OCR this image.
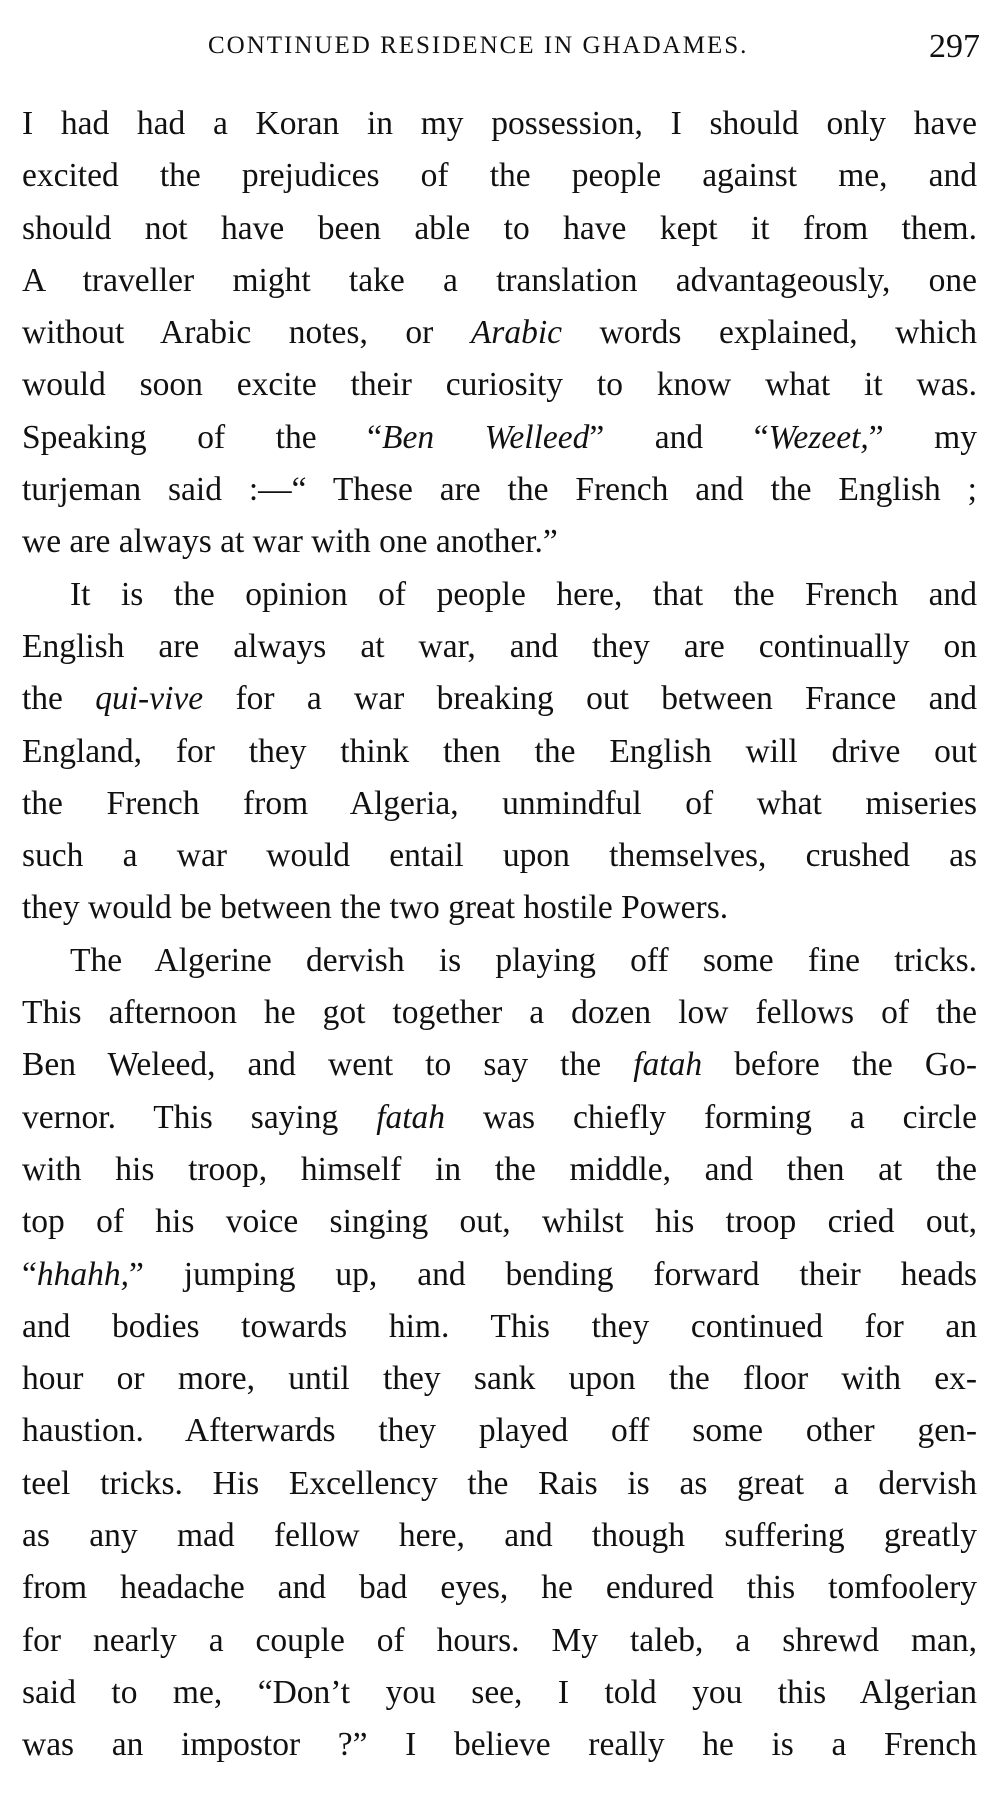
CONTINUED RESIDENCE IN GHADAMES.	297
I had had a Koran in my possession, I should only have
excited the prejudices of the people against me, and
should not have been able to have kept it from them.
A traveller might take a translation advantageously, one
without Arabic notes, or Arabic words explained, which
would soon excite their curiosity to know what it was.
Speaking of the “Ben Welleed” and “Wezeet,” my
turjeman said :—“ These are the French and the English ;
we are always at war with one another.”
It is the opinion of people here, that the French and
English are always at war, and they are continually on
the qui-vive for a war breaking out between France and
England, for they think then the English will drive out
the French from Algeria, unmindful of what miseries
such a war would entail upon themselves, crushed as
they would be between the two great hostile Powers.
The Algerine dervish is playing off some fine tricks.
This afternoon he got together a dozen low fellows of the
Ben Weleed, and went to say the fatah before the Go-
vernor. This saying fatah was chiefly forming a circle
with his troop, himself in the middle, and then at the
top of his voice singing out, whilst his troop cried out,
“hhahh,” jumping up, and bending forward their heads
and bodies towards him. This they continued for an
hour or more, until they sank upon the floor with ex-
haustion. Afterwards they played off some other gen-
teel tricks. His Excellency the Rais is as great a dervish
as any mad fellow here, and though suffering greatly
from headache and bad eyes, he endured this tomfoolery
for nearly a couple of hours. My taleb, a shrewd man,
said to me, “Don’t you see, I told you this Algerian
was an impostor ?” I believe really he is a French
